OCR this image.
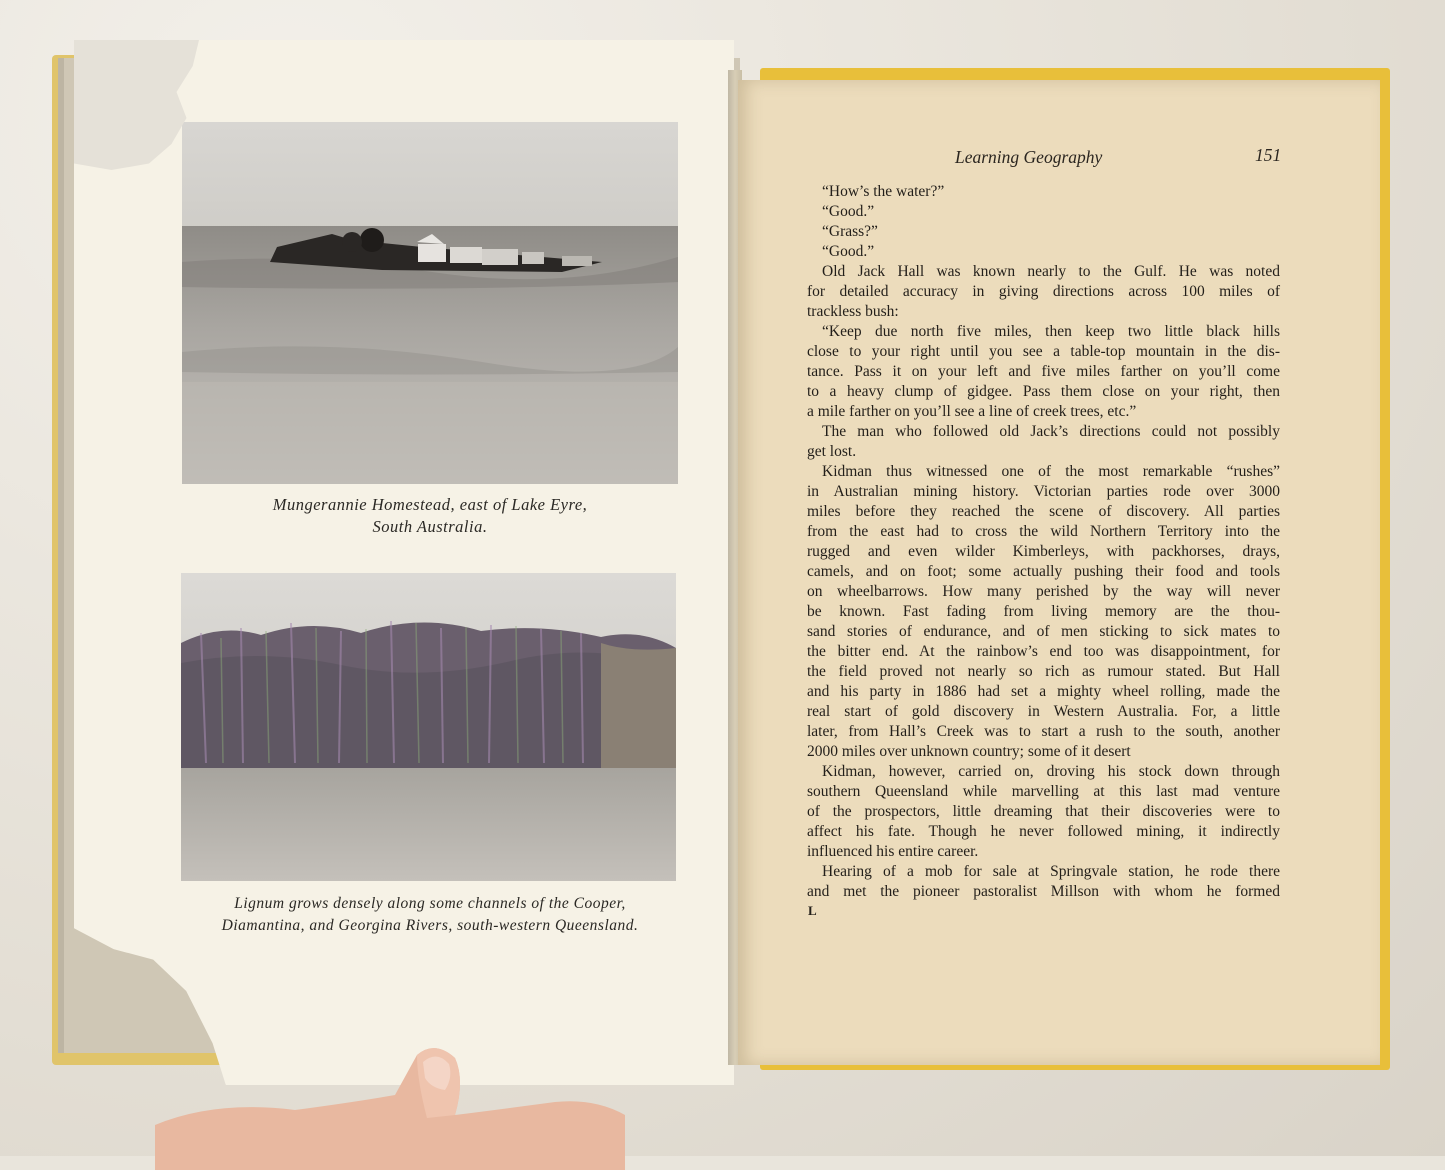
Mungerannie Homestead, east of Lake Eyre,
South Australia.
Lignum grows densely along some channels of the Cooper,
Diamantina, and Georgina Rivers, south-western Queensland.
Learning Geography	151
“How’s the water?”
“Good.”
“Grass?”
“Good.”
Old Jack Hall was known nearly to the Gulf. He was noted
for detailed accuracy in giving directions across 100 miles of
trackless bush:
“Keep due north five miles, then keep two little black hills
close to your right until you see a table-top mountain in the dis-
tance. Pass it on your left and five miles farther on you’ll come
to a heavy clump of gidgee. Pass them close on your right, then
a mile farther on you’ll see a line of creek trees, etc.”
The man who followed old Jack’s directions could not possibly
get lost.
Kidman thus witnessed one of the most remarkable “rushes”
in Australian mining history. Victorian parties rode over 3000
miles before they reached the scene of discovery. All parties
from the east had to cross the wild Northern Territory into the
rugged and even wilder Kimberleys, with packhorses, drays,
camels, and on foot; some actually pushing their food and tools
on wheelbarrows. How many perished by the way will never
be known. Fast fading from living memory are the thou-
sand stories of endurance, and of men sticking to sick mates to
the bitter end. At the rainbow’s end too was disappointment, for
the field proved not nearly so rich as rumour stated. But Hall
and his party in 1886 had set a mighty wheel rolling, made the
real start of gold discovery in Western Australia. For, a little
later, from Hall’s Creek was to start a rush to the south, another
2000 miles over unknown country; some of it desert
Kidman, however, carried on, droving his stock down through
southern Queensland while marvelling at this last mad venture
of the prospectors, little dreaming that their discoveries were to
affect his fate. Though he never followed mining, it indirectly
influenced his entire career.
Hearing of a mob for sale at Springvale station, he rode there
and met the pioneer pastoralist Millson with whom he formed
L
